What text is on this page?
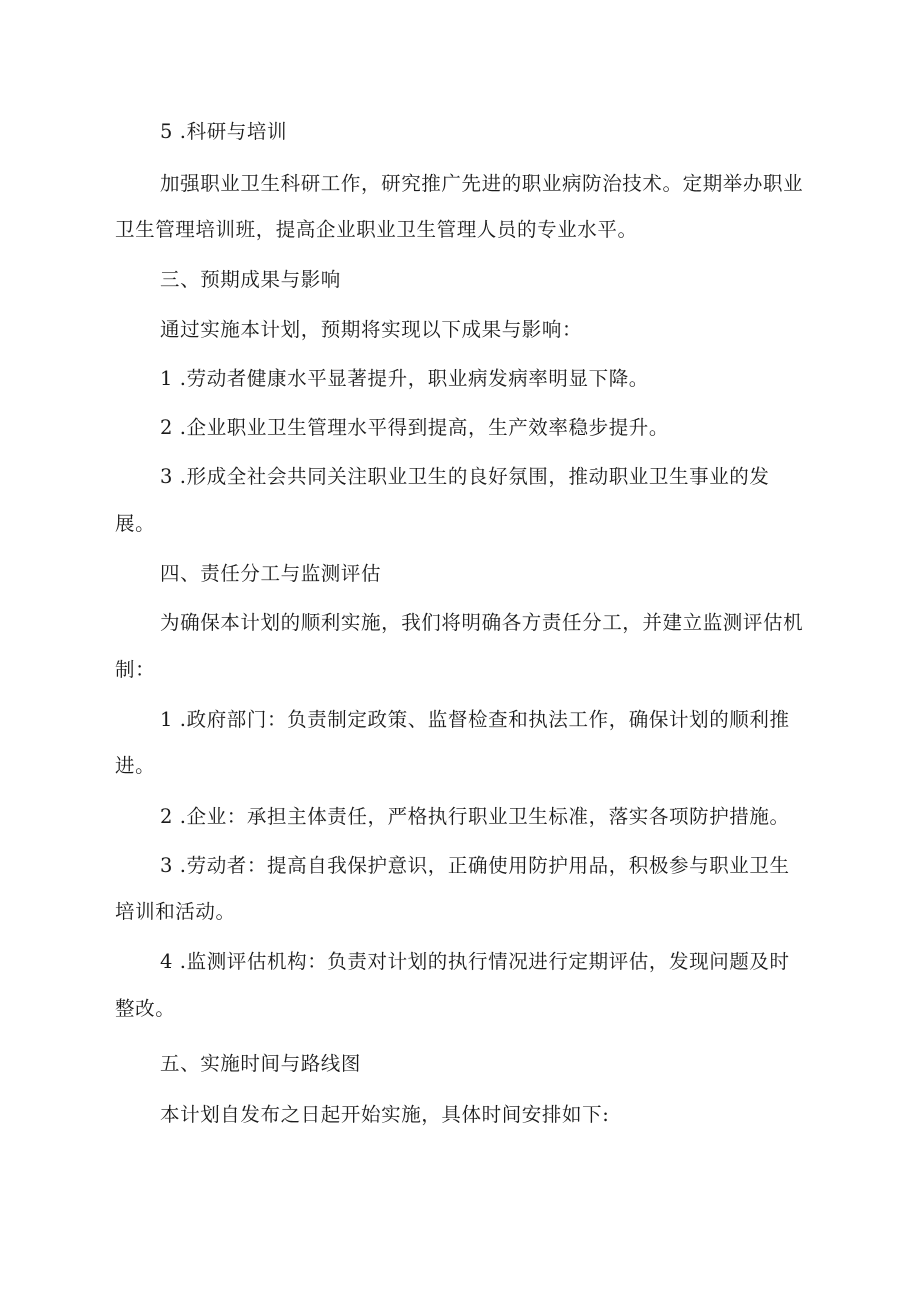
5 .科研与培训

加强职业卫生科研工作，研究推广先进的职业病防治技术。定期举办职业

卫生管理培训班，提高企业职业卫生管理人员的专业水平。

三、预期成果与影响

通过实施本计划，预期将实现以下成果与影响：

1 .劳动者健康水平显著提升，职业病发病率明显下降。

2 .企业职业卫生管理水平得到提高，生产效率稳步提升。

3 .形成全社会共同关注职业卫生的良好氛围，推动职业卫生事业的发

展。

四、责任分工与监测评估

为确保本计划的顺利实施，我们将明确各方责任分工，并建立监测评估机

制：

1 .政府部门：负责制定政策、监督检查和执法工作，确保计划的顺利推

进。

2 .企业：承担主体责任，严格执行职业卫生标准，落实各项防护措施。

3 .劳动者：提高自我保护意识，正确使用防护用品，积极参与职业卫生

培训和活动。

4 .监测评估机构：负责对计划的执行情况进行定期评估，发现问题及时

整改。

五、实施时间与路线图

本计划自发布之日起开始实施，具体时间安排如下:
